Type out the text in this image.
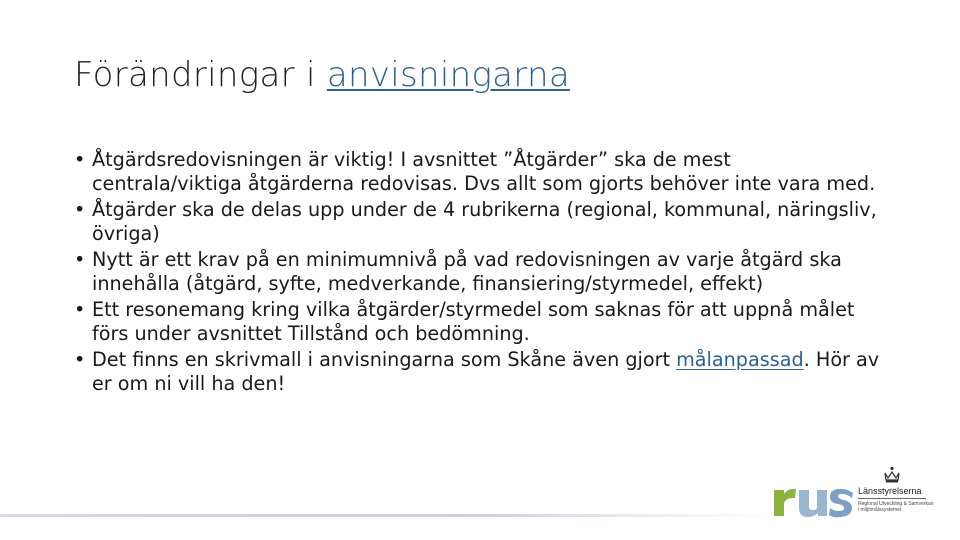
Förändringar i anvisningarna
• Åtgärdsredovisningen är viktig! I avsnittet ”Åtgärder” ska de mest centrala/viktiga åtgärderna redovisas. Dvs allt som gjorts behöver inte vara med.
• Åtgärder ska de delas upp under de 4 rubrikerna (regional, kommunal, näringsliv, övriga)
• Nytt är ett krav på en minimumnivå på vad redovisningen av varje åtgärd ska innehålla (åtgärd, syfte, medverkande, finansiering/styrmedel, effekt)
• Ett resonemang kring vilka åtgärder/styrmedel som saknas för att uppnå målet förs under avsnittet Tillstånd och bedömning.
• Det finns en skrivmall i anvisningarna som Skåne även gjort målanpassad. Hör av er om ni vill ha den!
Länsstyrelserna
Regional Utveckling & Samverkan
i miljömålssystemet
